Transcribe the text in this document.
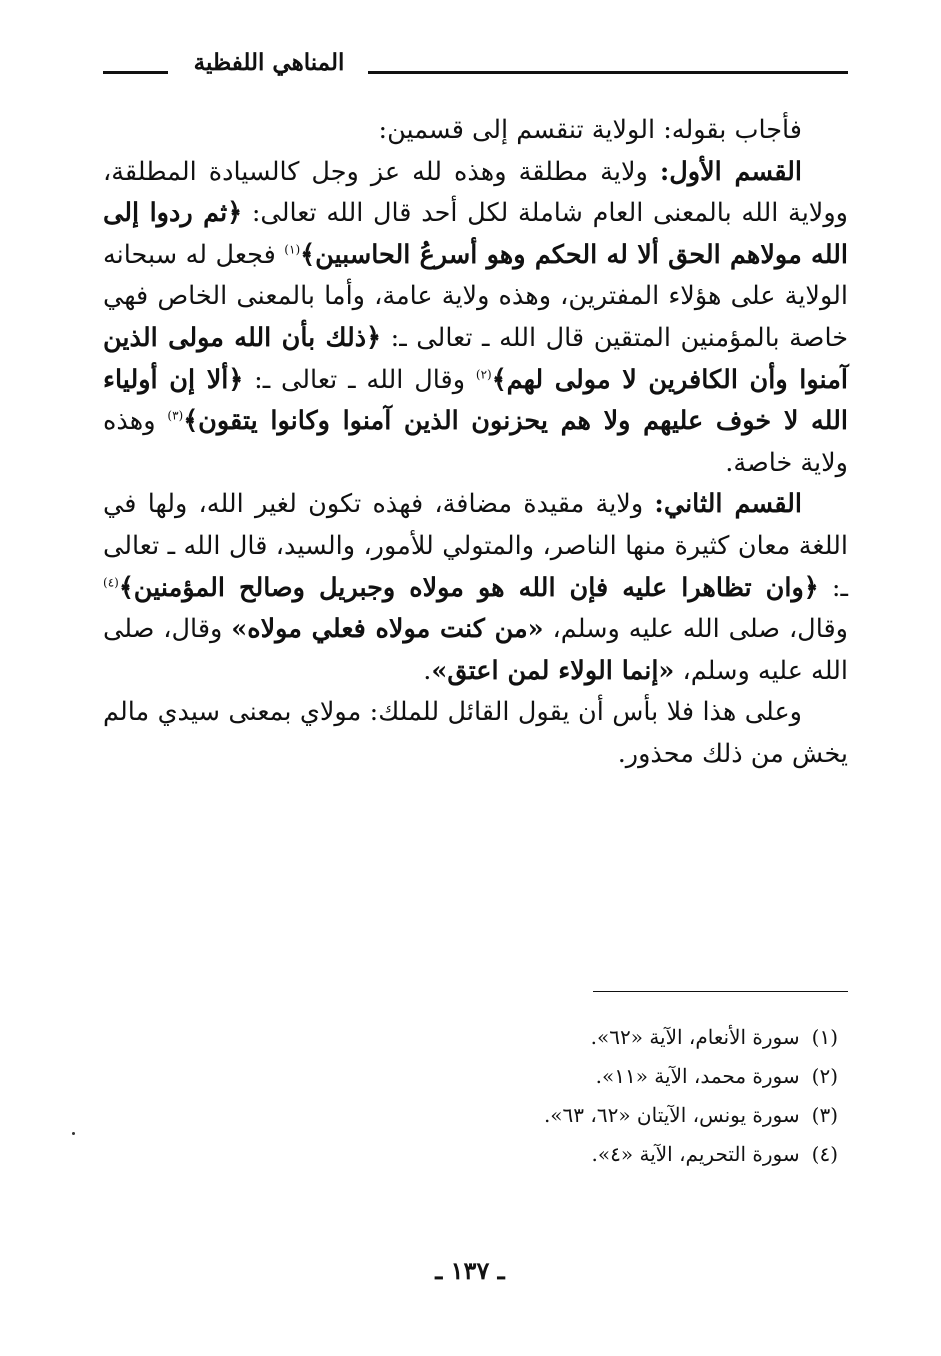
المناهي اللفظية

فأجاب بقوله: الولاية تنقسم إلى قسمين:

القسم الأول: ولاية مطلقة وهذه لله عز وجل كالسيادة المطلقة، وولاية الله بالمعنى العام شاملة لكل أحد قال الله تعالى: ﴿ثم ردوا إلى الله مولاهم الحق ألا له الحكم وهو أسرعُ الحاسبين﴾$^{(١)}$ فجعل له سبحانه الولاية على هؤلاء المفترين، وهذه ولاية عامة، وأما بالمعنى الخاص فهي خاصة بالمؤمنين المتقين قال الله ـ تعالى ـ: ﴿ذلك بأن الله مولى الذين آمنوا وأن الكافرين لا مولى لهم﴾$^{(٢)}$ وقال الله ـ تعالى ـ: ﴿ألا إن أولياء الله لا خوف عليهم ولا هم يحزنون الذين آمنوا وكانوا يتقون﴾$^{(٣)}$ وهذه ولاية خاصة.

القسم الثاني: ولاية مقيدة مضافة، فهذه تكون لغير الله، ولها في اللغة معان كثيرة منها الناصر، والمتولي للأمور، والسيد، قال الله ـ تعالى ـ: ﴿وان تظاهرا عليه فإن الله هو مولاه وجبريل وصالح المؤمنين﴾$^{(٤)}$ وقال، صلى الله عليه وسلم، «من كنت مولاه فعلي مولاه» وقال، صلى الله عليه وسلم، «إنما الولاء لمن اعتق».

وعلى هذا فلا بأس أن يقول القائل للملك: مولاي بمعنى سيدي مالم يخش من ذلك محذور.

(١)سورة الأنعام، الآية «٦٢».

(٢)سورة محمد، الآية «١١».

(٣)سورة يونس، الآيتان «٦٢، ٦٣».

(٤)سورة التحريم، الآية «٤».

ـ ١٣٧ ـ
